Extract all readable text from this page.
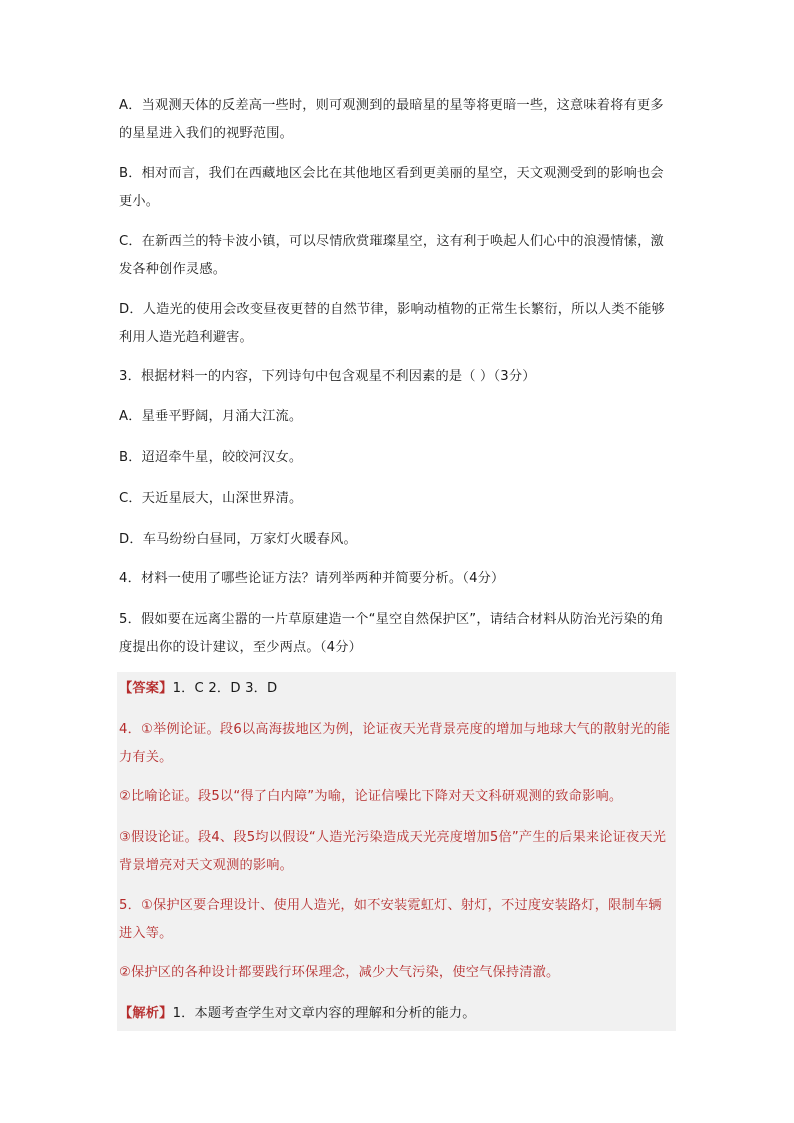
A．当观测天体的反差高一些时，则可观测到的最暗星的星等将更暗一些，这意味着将有更多的星星进入我们的视野范围。

B．相对而言，我们在西藏地区会比在其他地区看到更美丽的星空，天文观测受到的影响也会更小。

C．在新西兰的特卡波小镇，可以尽情欣赏璀璨星空，这有利于唤起人们心中的浪漫情愫，激发各种创作灵感。

D．人造光的使用会改变昼夜更替的自然节律，影响动植物的正常生长繁衍，所以人类不能够利用人造光趋利避害。

3．根据材料一的内容，下列诗句中包含观星不利因素的是（ ）（3分）

A．星垂平野阔，月涌大江流。

B．迢迢牵牛星，皎皎河汉女。

C．天近星辰大，山深世界清。

D．车马纷纷白昼同，万家灯火暖春风。

4．材料一使用了哪些论证方法？请列举两种并简要分析。（4分）

5．假如要在远离尘嚣的一片草原建造一个“星空自然保护区”，请结合材料从防治光污染的角度提出你的设计建议，至少两点。（4分）

【答案】1．C 2．D 3．D

4．①举例论证。段6以高海拔地区为例，论证夜天光背景亮度的增加与地球大气的散射光的能力有关。

②比喻论证。段5以“得了白内障”为喻，论证信噪比下降对天文科研观测的致命影响。

③假设论证。段4、段5均以假设“人造光污染造成天光亮度增加5倍”产生的后果来论证夜天光背景增亮对天文观测的影响。

5．①保护区要合理设计、使用人造光，如不安装霓虹灯、射灯，不过度安装路灯，限制车辆进入等。

②保护区的各种设计都要践行环保理念，减少大气污染，使空气保持清澈。

【解析】1．本题考查学生对文章内容的理解和分析的能力。
